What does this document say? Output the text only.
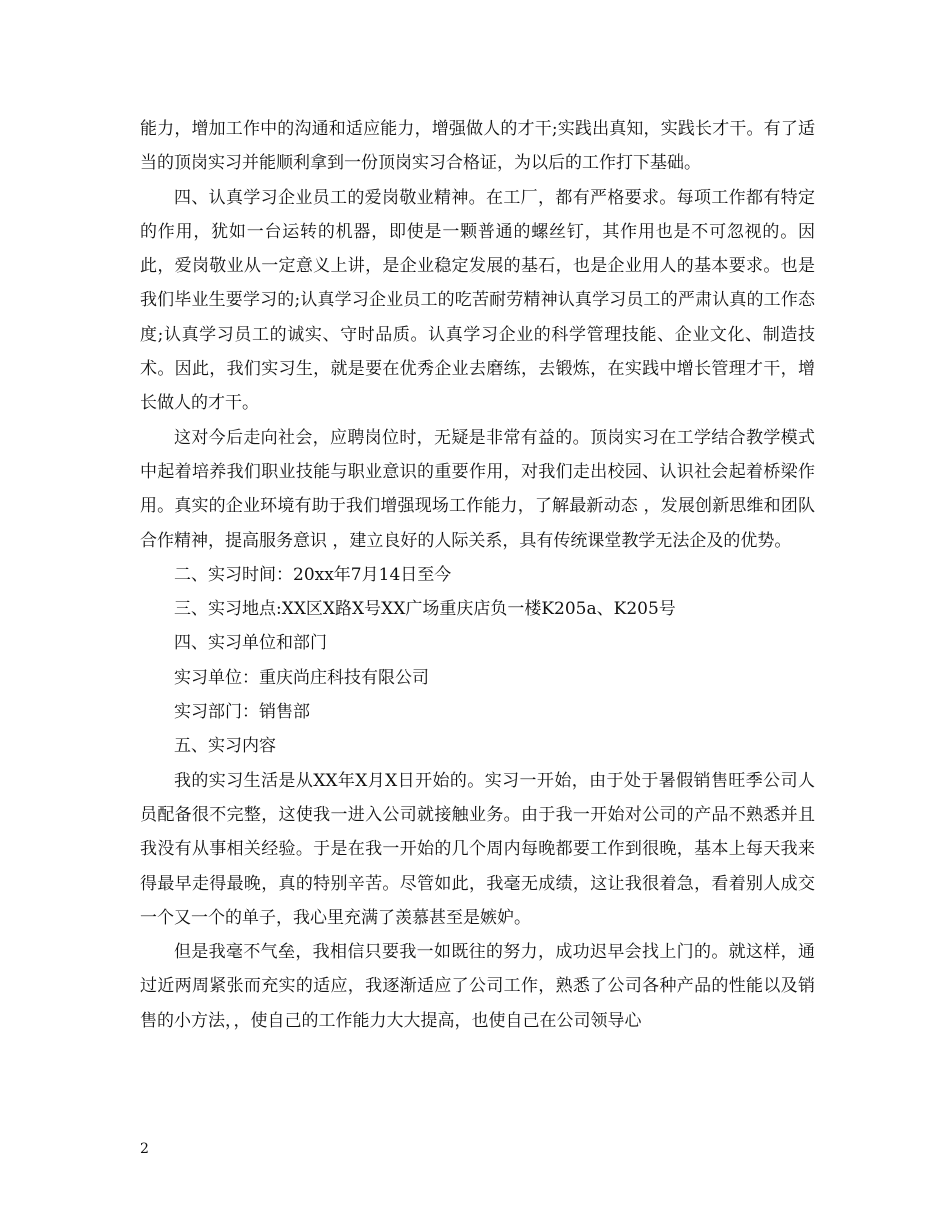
能力，增加工作中的沟通和适应能力，增强做人的才干;实践出真知，实践长才干。有了适当的顶岗实习并能顺利拿到一份顶岗实习合格证，为以后的工作打下基础。

四、认真学习企业员工的爱岗敬业精神。在工厂，都有严格要求。每项工作都有特定的作用，犹如一台运转的机器，即使是一颗普通的螺丝钉，其作用也是不可忽视的。因此，爱岗敬业从一定意义上讲，是企业稳定发展的基石，也是企业用人的基本要求。也是我们毕业生要学习的;认真学习企业员工的吃苦耐劳精神认真学习员工的严肃认真的工作态度;认真学习员工的诚实、守时品质。认真学习企业的科学管理技能、企业文化、制造技术。因此，我们实习生，就是要在优秀企业去磨练，去锻炼，在实践中增长管理才干，增长做人的才干。

这对今后走向社会，应聘岗位时，无疑是非常有益的。顶岗实习在工学结合教学模式中起着培养我们职业技能与职业意识的重要作用，对我们走出校园、认识社会起着桥梁作用。真实的企业环境有助于我们增强现场工作能力，了解最新动态 ，发展创新思维和团队合作精神，提高服务意识 ，建立良好的人际关系，具有传统课堂教学无法企及的优势。

二、实习时间：20xx年7月14日至今

三、实习地点:XX区X路X号XX广场重庆店负一楼K205a、K205号

四、实习单位和部门

实习单位：重庆尚庄科技有限公司

实习部门：销售部

五、实习内容

我的实习生活是从XX年X月X日开始的。实习一开始，由于处于暑假销售旺季公司人员配备很不完整，这使我一进入公司就接触业务。由于我一开始对公司的产品不熟悉并且我没有从事相关经验。于是在我一开始的几个周内每晚都要工作到很晚，基本上每天我来得最早走得最晚，真的特别辛苦。尽管如此，我毫无成绩，这让我很着急，看着别人成交一个又一个的单子，我心里充满了羡慕甚至是嫉妒。

但是我毫不气垒，我相信只要我一如既往的努力，成功迟早会找上门的。就这样，通过近两周紧张而充实的适应，我逐渐适应了公司工作，熟悉了公司各种产品的性能以及销售的小方法，，使自己的工作能力大大提高，也使自己在公司领导心

2
